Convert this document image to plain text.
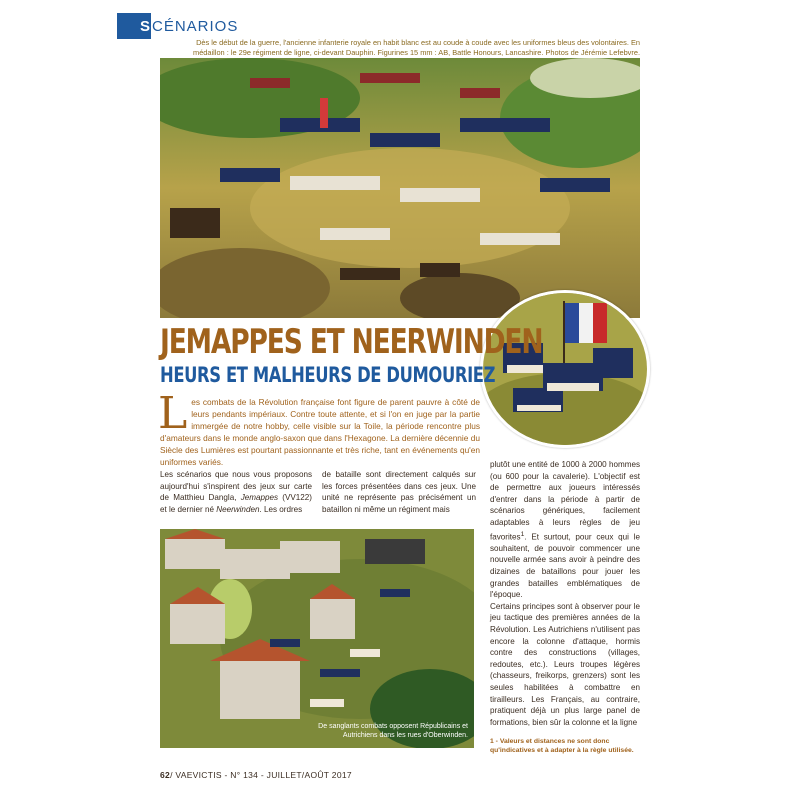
S CÉNARIOS
Dès le début de la guerre, l'ancienne infanterie royale en habit blanc est au coude à coude avec les uniformes bleus des volontaires. En médaillon : le 29e régiment de ligne, ci-devant Dauphin. Figurines 15 mm : AB, Battle Honours, Lancashire. Photos de Jérémie Lefebvre.
JEMAPPES ET NEERWINDEN
HEURS ET MALHEURS DE DUMOURIEZ
Les combats de la Révolution française font figure de parent pauvre à côté de leurs pendants impériaux. Contre toute attente, et si l'on en juge par la partie immergée de notre hobby, celle visible sur la Toile, la période rencontre plus d'amateurs dans le monde anglo-saxon que dans l'Hexagone. La dernière décennie du Siècle des Lumières est pourtant passionnante et très riche, tant en événements qu'en uniformes variés.
Les scénarios que nous vous proposons aujourd'hui s'inspirent des jeux sur carte de Matthieu Dangla, Jemappes (VV122) et le dernier né Neerwinden. Les ordres
de bataille sont directement calqués sur les forces présentées dans ces jeux. Une unité ne représente pas précisément un bataillon ni même un régiment mais

plutôt une entité de 1000 à 2000 hommes (ou 600 pour la cavalerie). L'objectif est de permettre aux joueurs intéressés d'entrer dans la période à partir de scénarios génériques, facilement adaptables à leurs règles de jeu favorites$^1$. Et surtout, pour ceux qui le souhaitent, de pouvoir commencer une nouvelle armée sans avoir à peindre des dizaines de bataillons pour jouer les grandes batailles emblématiques de l'époque.

Certains principes sont à observer pour le jeu tactique des premières années de la Révolution. Les Autrichiens n'utilisent pas encore la colonne d'attaque, hormis contre des constructions (villages, redoutes, etc.). Leurs troupes légères (chasseurs, freikorps, grenzers) sont les seules habilitées à combattre en tirailleurs. Les Français, au contraire, pratiquent déjà un plus large panel de formations, bien sûr la colonne et la ligne

1 - Valeurs et distances ne sont donc qu'indicatives et à adapter à la règle utilisée.
De sanglants combats opposent Républicains et Autrichiens dans les rues d'Oberwinden.
62/ VAEVICTIS - N° 134 - JUILLET/AOÛT 2017
